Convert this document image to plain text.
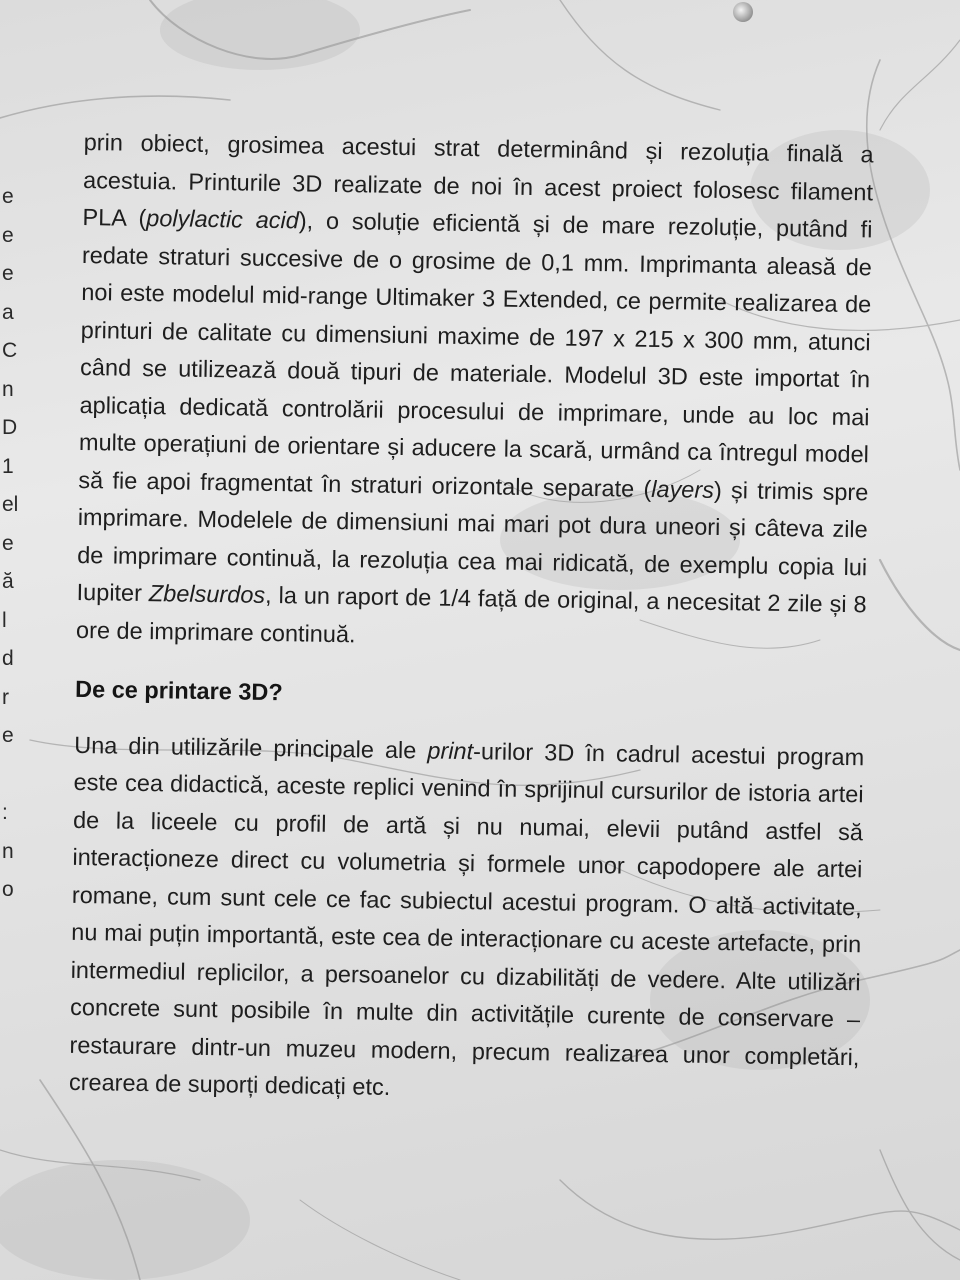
e
e
e
a
C
n
D
1
el
e
ă
l
d
r
e
:
n
o

prin obiect, grosimea acestui strat determinând și rezoluția finală a acestuia. Printurile 3D realizate de noi în acest proiect folosesc filament PLA (polylactic acid), o soluție eficientă și de mare rezoluție, putând fi redate straturi succesive de o grosime de 0,1 mm. Imprimanta aleasă de noi este modelul mid-range Ultimaker 3 Extended, ce permite realizarea de printuri de calitate cu dimensiuni maxime de 197 x 215 x 300 mm, atunci când se utilizează două tipuri de materiale. Modelul 3D este importat în aplicația dedicată controlării procesului de imprimare, unde au loc mai multe operațiuni de orientare și aducere la scară, urmând ca întregul model să fie apoi fragmentat în straturi orizontale separate (layers) și trimis spre imprimare. Modelele de dimensiuni mai mari pot dura uneori și câteva zile de imprimare continuă, la rezoluția cea mai ridicată, de exemplu copia lui Iupiter Zbelsurdos, la un raport de 1/4 față de original, a necesitat 2 zile și 8 ore de imprimare continuă.

De ce printare 3D?

Una din utilizările principale ale print-urilor 3D în cadrul acestui program este cea didactică, aceste replici venind în sprijinul cursurilor de istoria artei de la liceele cu profil de artă și nu numai, elevii putând astfel să interacționeze direct cu volumetria și formele unor capodopere ale artei romane, cum sunt cele ce fac subiectul acestui program. O altă activitate, nu mai puțin importantă, este cea de interacționare cu aceste artefacte, prin intermediul replicilor, a persoanelor cu dizabilități de vedere. Alte utilizări concrete sunt posibile în multe din activitățile curente de conservare – restaurare dintr-un muzeu modern, precum realizarea unor completări, crearea de suporți dedicați etc.
